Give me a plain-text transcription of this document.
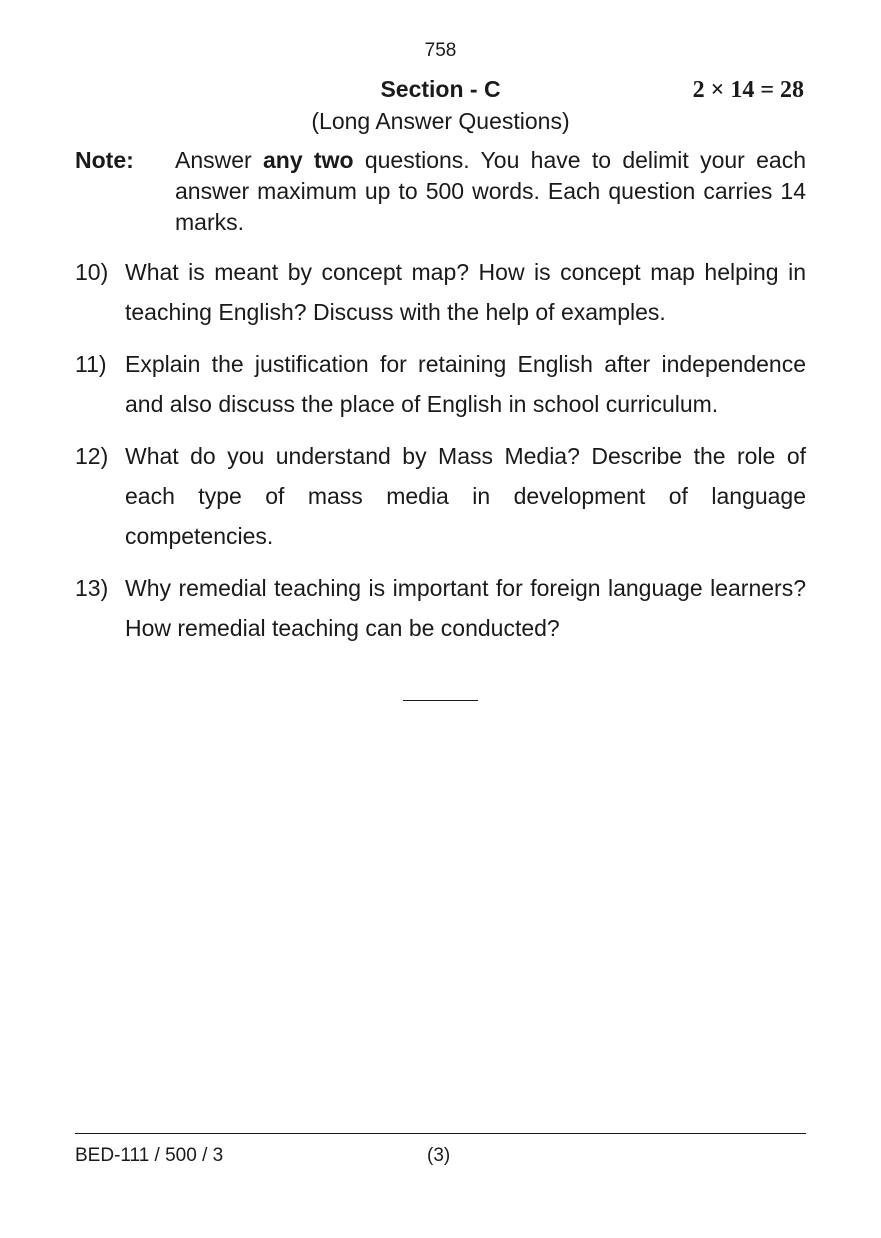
758
Section - C	2 × 14 = 28
(Long Answer Questions)
Note: Answer any two questions. You have to delimit your each answer maximum up to 500 words. Each question carries 14 marks.
10) What is meant by concept map? How is concept map helping in teaching English? Discuss with the help of examples.
11) Explain the justification for retaining English after independence and also discuss the place of English in school curriculum.
12) What do you understand by Mass Media? Describe the role of each type of mass media in development of language competencies.
13) Why remedial teaching is important for foreign language learners? How remedial teaching can be conducted?
BED-111 / 500 / 3	(3)
